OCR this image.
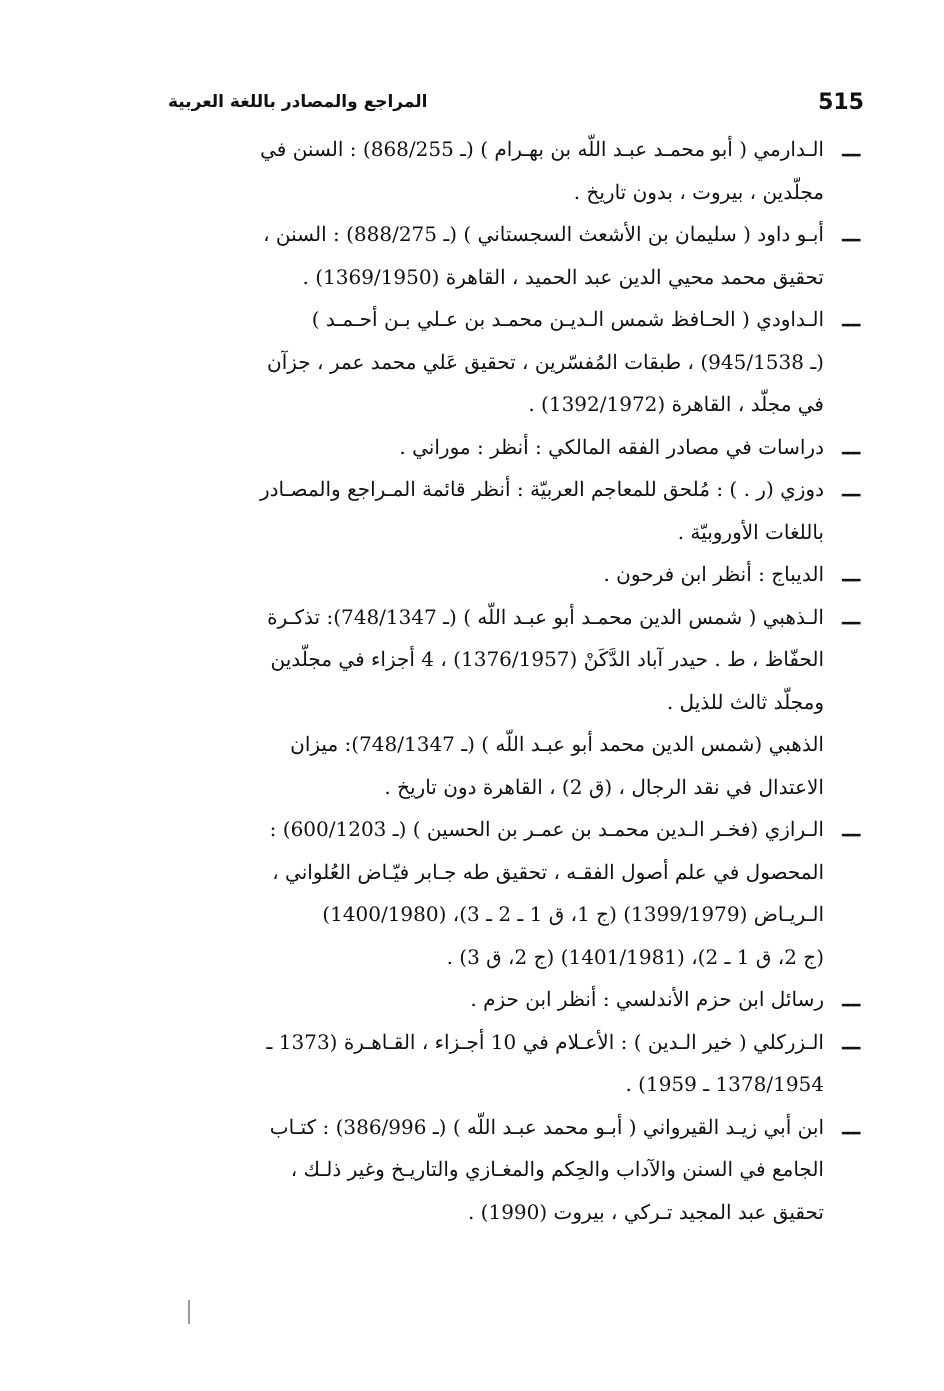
515
المراجع والمصادر باللغة العربية
ـــ
الـدارمي ( أبو محمـد عبـد اللّه بن بهـرام ) (ـ 868/255) : السنن في
مجلّدين ، بيروت ، بدون تاريخ .
ـــ
أبـو داود ( سليمان بن الأشعث السجستاني ) (ـ 888/275) : السنن ،
تحقيق محمد محيي الدين عبد الحميد ، القاهرة (1369/1950) .
ـــ
الـداودي ( الحـافظ شمس الـديـن محمـد بن عـلي بـن أحـمـد )
(ـ 945/1538) ، طبقات المُفسّرين ، تحقيق عَلي محمد عمر ، جزآن
في مجلّد ، القاهرة (1392/1972) .
ـــ
دراسات في مصادر الفقه المالكي : أنظر : موراني .
ـــ
دوزي (ر . ) : مُلحق للمعاجم العربيّة : أنظر قائمة المـراجع والمصـادر
باللغات الأوروبيّة .
ـــ
الديباج : أنظر ابن فرحون .
ـــ
الـذهبي ( شمس الدين محمـد أبو عبـد اللّه ) (ـ 748/1347): تذكـرة
الحفّاظ ، ط . حيدر آباد الدَّكَنْ (1376/1957) ، 4 أجزاء في مجلّدين
ومجلّد ثالث للذيل .
الذهبي (شمس الدين محمد أبو عبـد اللّه ) (ـ 748/1347): ميزان
الاعتدال في نقد الرجال ، (ق 2) ، القاهرة دون تاريخ .
ـــ
الـرازي (فخـر الـدين محمـد بن عمـر بن الحسين ) (ـ 600/1203) :
المحصول في علم أصول الفقـه ، تحقيق طه جـابر فيّـاض العُلواني ،
الـريـاض (1399/1979) (ج 1، ق 1 ـ 2 ـ 3)، (1400/1980)
(ج 2، ق 1 ـ 2)، (1401/1981) (ج 2، ق 3) .
ـــ
رسائل ابن حزم الأندلسي : أنظر ابن حزم .
ـــ
الـزركلي ( خير الـدين ) : الأعـلام في 10 أجـزاء ، القـاهـرة (1373 ـ
1378/1954 ـ 1959) .
ـــ
ابن أبي زيـد القيرواني ( أبـو محمد عبـد اللّه ) (ـ 386/996) : كتـاب
الجامع في السنن والآداب والحِكم والمغـازي والتاريـخ وغير ذلـك ،
تحقيق عبد المجيد تـركي ، بيروت (1990) .
